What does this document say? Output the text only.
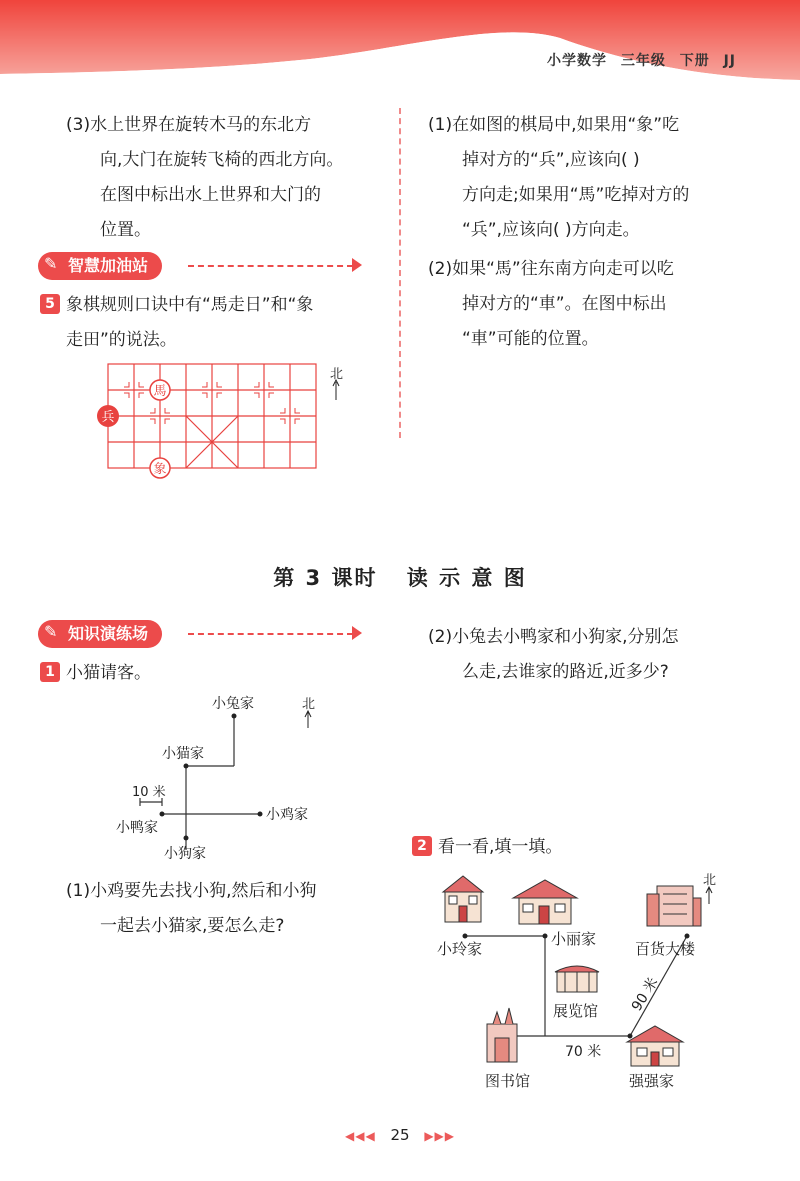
小学数学 三年级 下册 JJ
(3)水上世界在旋转木马的东北方
向,大门在旋转飞椅的西北方向。
在图中标出水上世界和大门的
位置。
✎ 智慧加油站
5 象棋规则口诀中有“馬走日”和“象
走田”的说法。
馬
兵
象
北
(1)在如图的棋局中,如果用“象”吃
掉对方的“兵”,应该向( )
方向走;如果用“馬”吃掉对方的
“兵”,应该向( )方向走。
(2)如果“馬”往东南方向走可以吃
掉对方的“車”。在图中标出
“車”可能的位置。
第 3 课时 读 示 意 图
✎ 知识演练场
1 小猫请客。
小兔家
小猫家
小鸭家
小鸡家
小狗家
10 米
北
(1)小鸡要先去找小狗,然后和小狗
一起去小猫家,要怎么走?
(2)小兔去小鸭家和小狗家,分别怎
么走,去谁家的路近,近多少?
2 看一看,填一填。
小玲家
小丽家
百货大楼
展览馆
图书馆	强强家
70 米
90 米
北
◀◀◀ 25 ▶▶▶
